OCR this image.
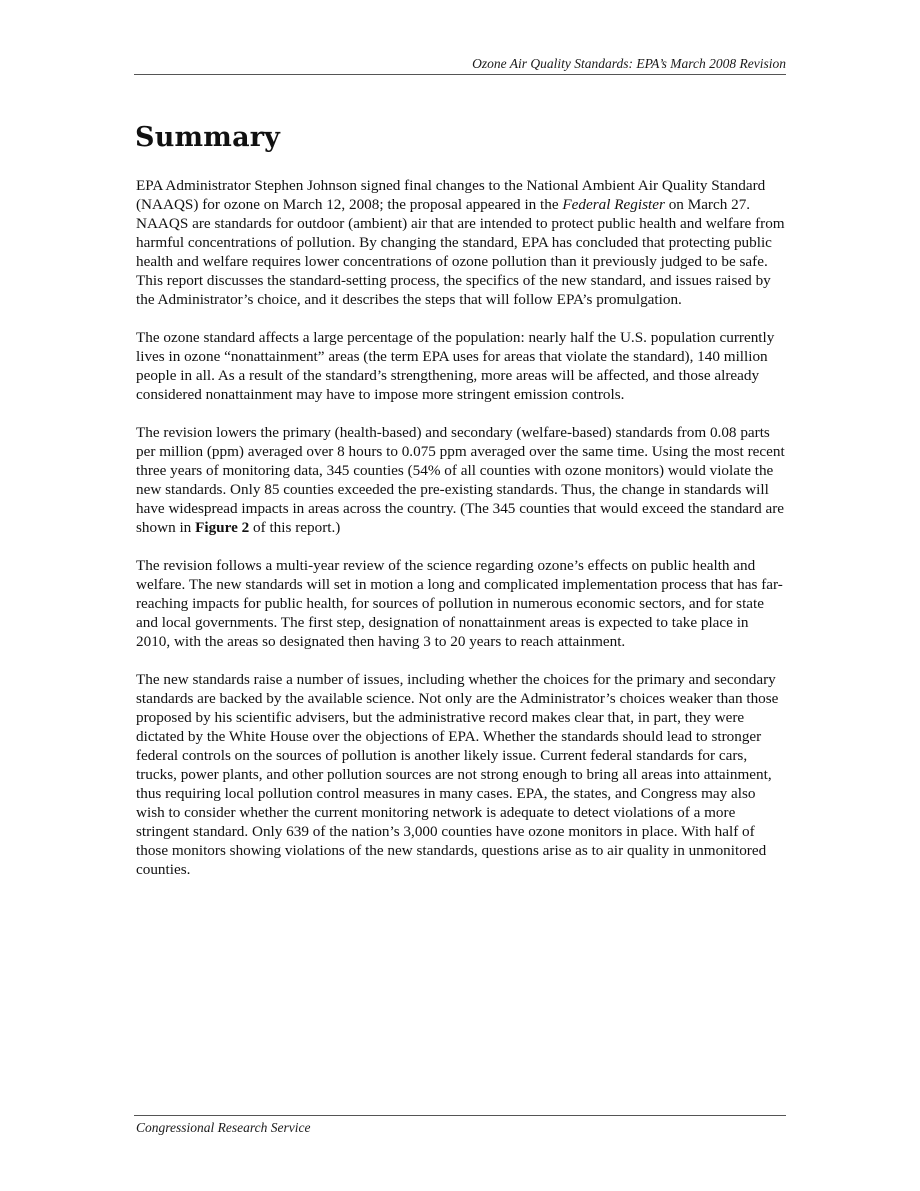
Ozone Air Quality Standards: EPA’s March 2008 Revision
Summary

EPA Administrator Stephen Johnson signed final changes to the National Ambient Air Quality Standard (NAAQS) for ozone on March 12, 2008; the proposal appeared in the Federal Register on March 27. NAAQS are standards for outdoor (ambient) air that are intended to protect public health and welfare from harmful concentrations of pollution. By changing the standard, EPA has concluded that protecting public health and welfare requires lower concentrations of ozone pollution than it previously judged to be safe. This report discusses the standard-setting process, the specifics of the new standard, and issues raised by the Administrator’s choice, and it describes the steps that will follow EPA’s promulgation.

The ozone standard affects a large percentage of the population: nearly half the U.S. population currently lives in ozone “nonattainment” areas (the term EPA uses for areas that violate the standard), 140 million people in all. As a result of the standard’s strengthening, more areas will be affected, and those already considered nonattainment may have to impose more stringent emission controls.

The revision lowers the primary (health-based) and secondary (welfare-based) standards from 0.08 parts per million (ppm) averaged over 8 hours to 0.075 ppm averaged over the same time. Using the most recent three years of monitoring data, 345 counties (54% of all counties with ozone monitors) would violate the new standards. Only 85 counties exceeded the pre-existing standards. Thus, the change in standards will have widespread impacts in areas across the country. (The 345 counties that would exceed the standard are shown in Figure 2 of this report.)

The revision follows a multi-year review of the science regarding ozone’s effects on public health and welfare. The new standards will set in motion a long and complicated implementation process that has far-reaching impacts for public health, for sources of pollution in numerous economic sectors, and for state and local governments. The first step, designation of nonattainment areas is expected to take place in 2010, with the areas so designated then having 3 to 20 years to reach attainment.

The new standards raise a number of issues, including whether the choices for the primary and secondary standards are backed by the available science. Not only are the Administrator’s choices weaker than those proposed by his scientific advisers, but the administrative record makes clear that, in part, they were dictated by the White House over the objections of EPA. Whether the standards should lead to stronger federal controls on the sources of pollution is another likely issue. Current federal standards for cars, trucks, power plants, and other pollution sources are not strong enough to bring all areas into attainment, thus requiring local pollution control measures in many cases. EPA, the states, and Congress may also wish to consider whether the current monitoring network is adequate to detect violations of a more stringent standard. Only 639 of the nation’s 3,000 counties have ozone monitors in place. With half of those monitors showing violations of the new standards, questions arise as to air quality in unmonitored counties.

Congressional Research Service
